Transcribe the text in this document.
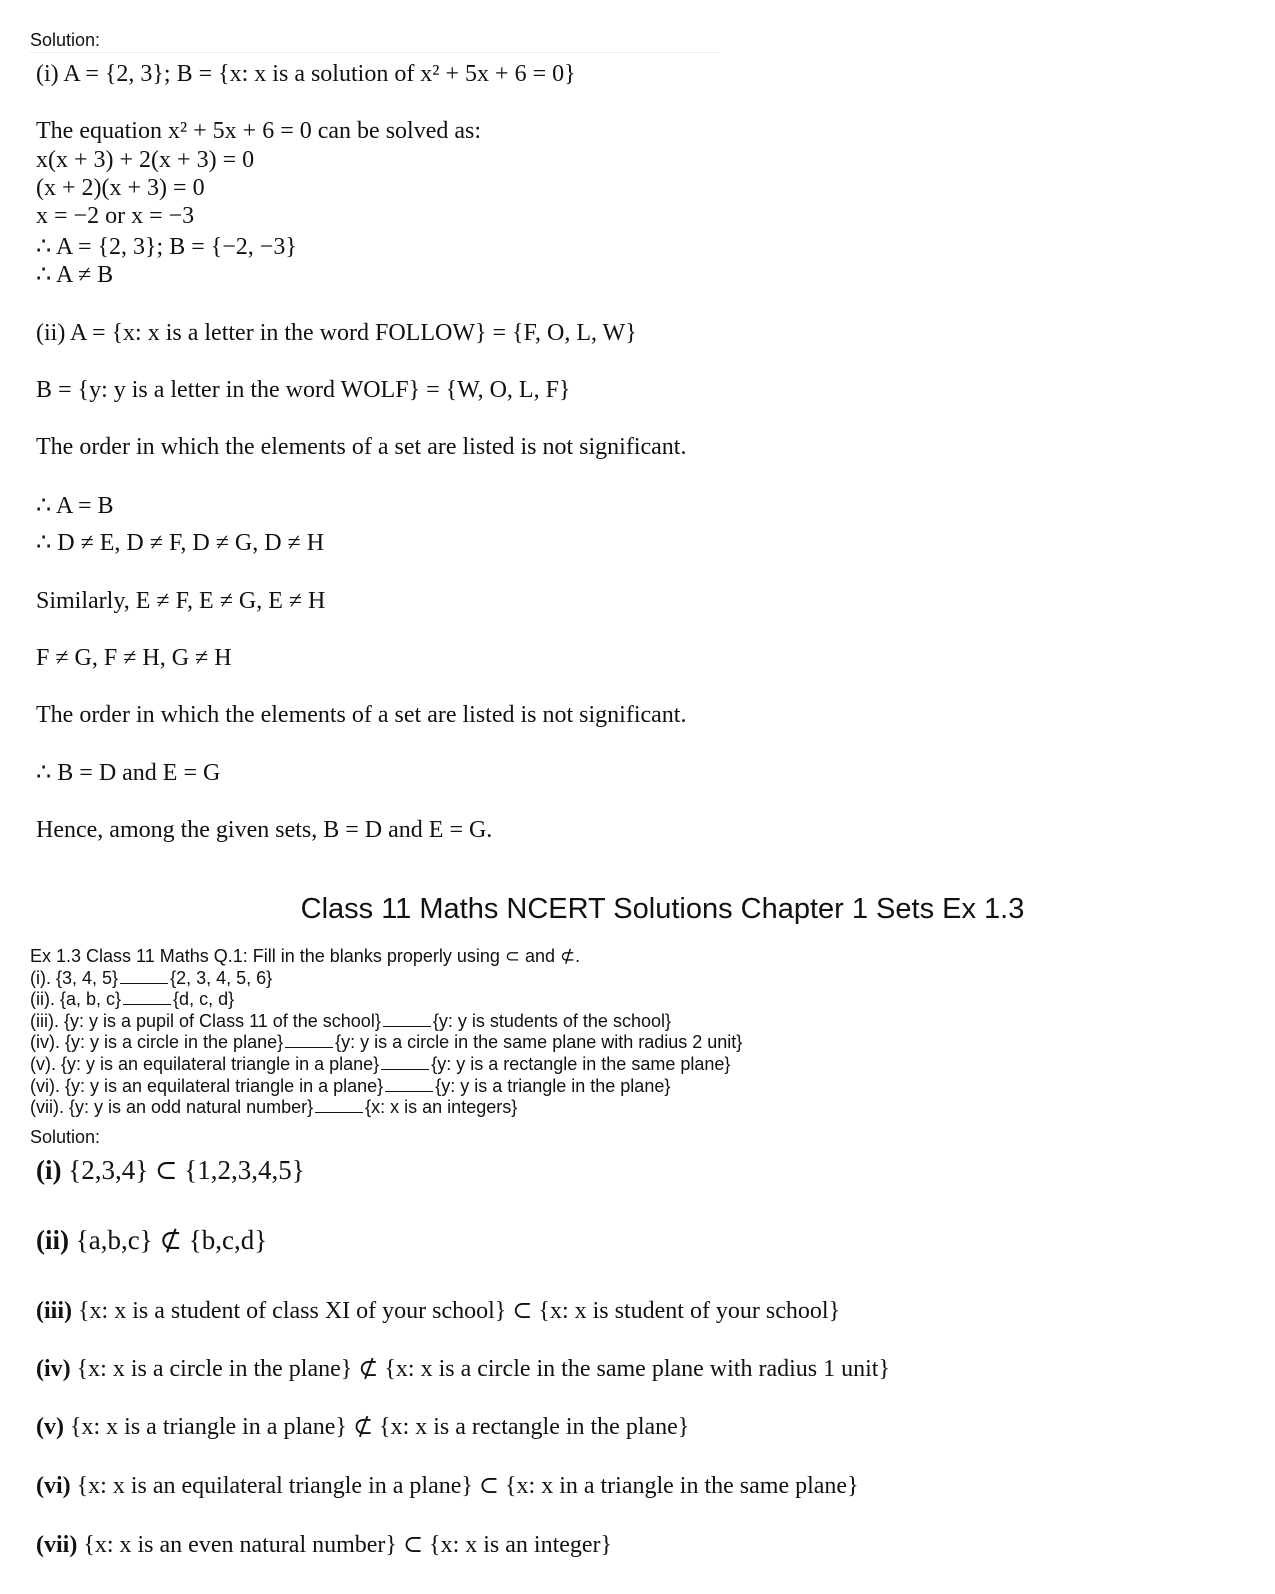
Solution:
(i) A = {2, 3}; B = {x: x is a solution of x² + 5x + 6 = 0}
The equation x² + 5x + 6 = 0 can be solved as:
x(x + 3) + 2(x + 3) = 0
(x + 2)(x + 3) = 0
x = −2 or x = −3
∴ A = {2, 3}; B = {−2, −3}
∴ A ≠ B
(ii) A = {x: x is a letter in the word FOLLOW} = {F, O, L, W}
B = {y: y is a letter in the word WOLF} = {W, O, L, F}
The order in which the elements of a set are listed is not significant.
∴ A = B
∴ D ≠ E, D ≠ F, D ≠ G, D ≠ H
Similarly, E ≠ F, E ≠ G, E ≠ H
F ≠ G, F ≠ H, G ≠ H
The order in which the elements of a set are listed is not significant.
∴ B = D and E = G
Hence, among the given sets, B = D and E = G.
Class 11 Maths NCERT Solutions Chapter 1 Sets Ex 1.3
Ex 1.3 Class 11 Maths Q.1: Fill in the blanks properly using ⊂ and ⊄.
(i). {3, 4, 5}	{2, 3, 4, 5, 6}
(ii). {a, b, c}	{d, c, d}
(iii). {y: y is a pupil of Class 11 of the school}	{y: y is students of the school}
(iv). {y: y is a circle in the plane}	{y: y is a circle in the same plane with radius 2 unit}
(v). {y: y is an equilateral triangle in a plane}	{y: y is a rectangle in the same plane}
(vi). {y: y is an equilateral triangle in a plane}	{y: y is a triangle in the plane}
(vii). {y: y is an odd natural number}	{x: x is an integers}
Solution:
(i) {2,3,4} ⊂ {1,2,3,4,5}
(ii) {a,b,c} ⊄ {b,c,d}
(iii) {x: x is a student of class XI of your school} ⊂ {x: x is student of your school}
(iv) {x: x is a circle in the plane} ⊄ {x: x is a circle in the same plane with radius 1 unit}
(v) {x: x is a triangle in a plane} ⊄ {x: x is a rectangle in the plane}
(vi) {x: x is an equilateral triangle in a plane} ⊂ {x: x in a triangle in the same plane}
(vii) {x: x is an even natural number} ⊂ {x: x is an integer}
